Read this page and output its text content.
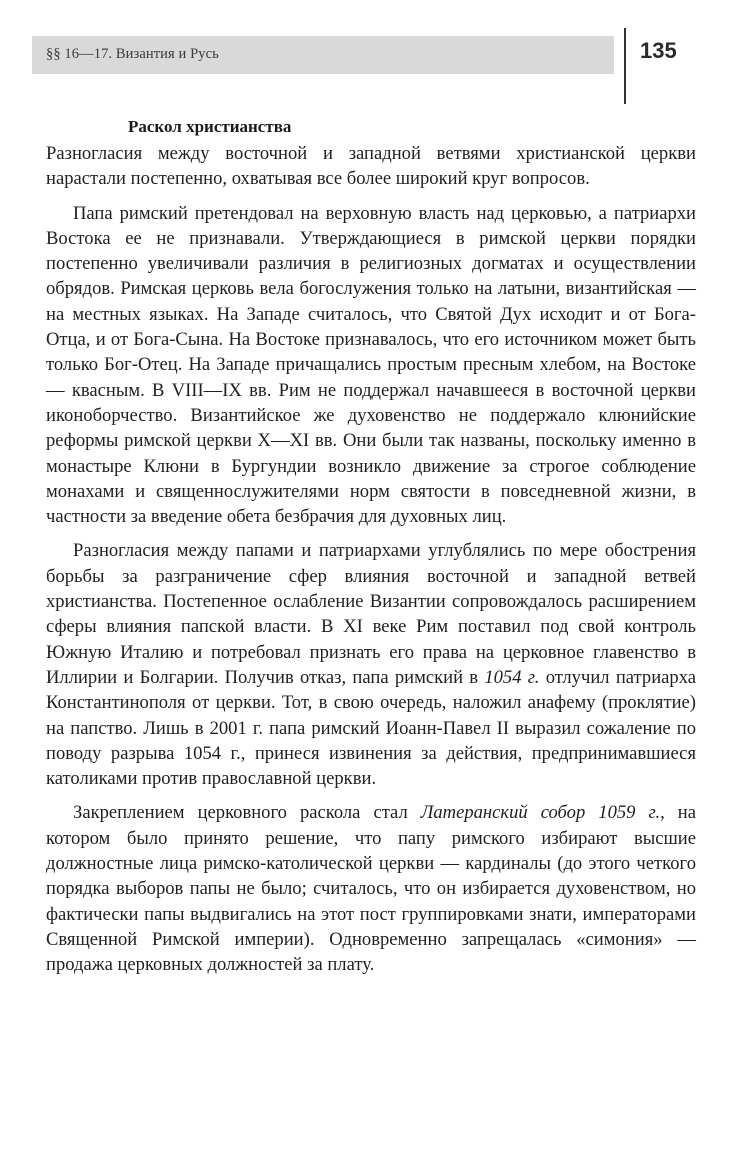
§§ 16—17. Византия и Русь	135
Раскол христианства

Разногласия между восточной и западной ветвями христианской церкви нарастали постепенно, охватывая все более широкий круг вопросов.

Папа римский претендовал на верховную власть над церковью, а патриархи Востока ее не признавали. Утверждающиеся в римской церкви порядки постепенно увеличивали различия в религиозных догматах и осуществлении обрядов. Римская церковь вела богослужения только на латыни, византийская — на местных языках. На Западе считалось, что Святой Дух исходит и от Бога-Отца, и от Бога-Сына. На Востоке признавалось, что его источником может быть только Бог-Отец. На Западе причащались простым пресным хлебом, на Востоке — квасным. В VIII—IX вв. Рим не поддержал начавшееся в восточной церкви иконоборчество. Византийское же духовенство не поддержало клюнийские реформы римской церкви X—XI вв. Они были так названы, поскольку именно в монастыре Клюни в Бургундии возникло движение за строгое соблюдение монахами и священнослужителями норм святости в повседневной жизни, в частности за введение обета безбрачия для духовных лиц.

Разногласия между папами и патриархами углублялись по мере обострения борьбы за разграничение сфер влияния восточной и западной ветвей христианства. Постепенное ослабление Византии сопровождалось расширением сферы влияния папской власти. В XI веке Рим поставил под свой контроль Южную Италию и потребовал признать его права на церковное главенство в Иллирии и Болгарии. Получив отказ, папа римский в 1054 г. отлучил патриарха Константинополя от церкви. Тот, в свою очередь, наложил анафему (проклятие) на папство. Лишь в 2001 г. папа римский Иоанн-Павел II выразил сожаление по поводу разрыва 1054 г., принеся извинения за действия, предпринимавшиеся католиками против православной церкви.

Закреплением церковного раскола стал Латеранский собор 1059 г., на котором было принято решение, что папу римского избирают высшие должностные лица римско-католической церкви — кардиналы (до этого четкого порядка выборов папы не было; считалось, что он избирается духовенством, но фактически папы выдвигались на этот пост группировками знати, императорами Священной Римской империи). Одновременно запрещалась «симония» — продажа церковных должностей за плату.
